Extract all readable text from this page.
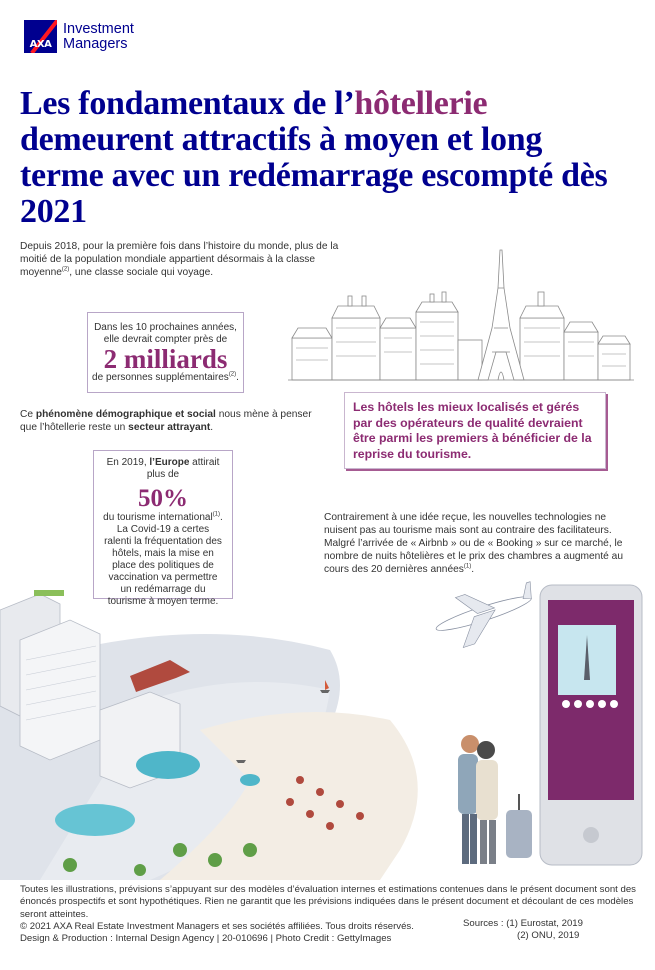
AXA
Investment
Managers
Les fondamentaux de l’hôtellerie demeurent attractifs à moyen et long terme avec un redémarrage escompté dès 2021

Depuis 2018, pour la première fois dans l’histoire du monde, plus de la moitié de la population mondiale appartient désormais à la classe moyenne$^{(2)}$, une classe sociale qui voyage.

Dans les 10 prochaines années,
elle devrait compter près de
2 milliards
de personnes supplémentaires$^{(2)}$.

Ce phénomène démographique et social nous mène à penser que l’hôtellerie reste un secteur attrayant.

Les hôtels les mieux localisés et gérés par des opérateurs de qualité devraient être parmi les premiers à bénéficier de la reprise du tourisme.

En 2019, l’Europe attirait
plus de
50%
du tourisme international$^{(1)}$.
La Covid-19 a certes ralenti la fréquentation des hôtels, mais la mise en place des politiques de vaccination va permettre un redémarrage du tourisme à moyen terme.

Contrairement à une idée reçue, les nouvelles technologies ne nuisent pas au tourisme mais sont au contraire des facilitateurs. Malgré l’arrivée de « Airbnb » ou de « Booking » sur ce marché, le nombre de nuits hôtelières et le prix des chambres a augmenté au cours des 20 dernières années$^{(1)}$.

Toutes les illustrations, prévisions s’appuyant sur des modèles d’évaluation internes et estimations contenues dans le présent document sont des énoncés prospectifs et sont hypothétiques. Rien ne garantit que les prévisions indiquées dans le présent document et découlant de ces modèles seront atteintes.

© 2021 AXA Real Estate Investment Managers et ses sociétés affiliées. Tous droits réservés.

Design & Production : Internal Design Agency | 20-010696 | Photo Credit : GettyImages

Sources : (1) Eurostat, 2019
(2) ONU, 2019
